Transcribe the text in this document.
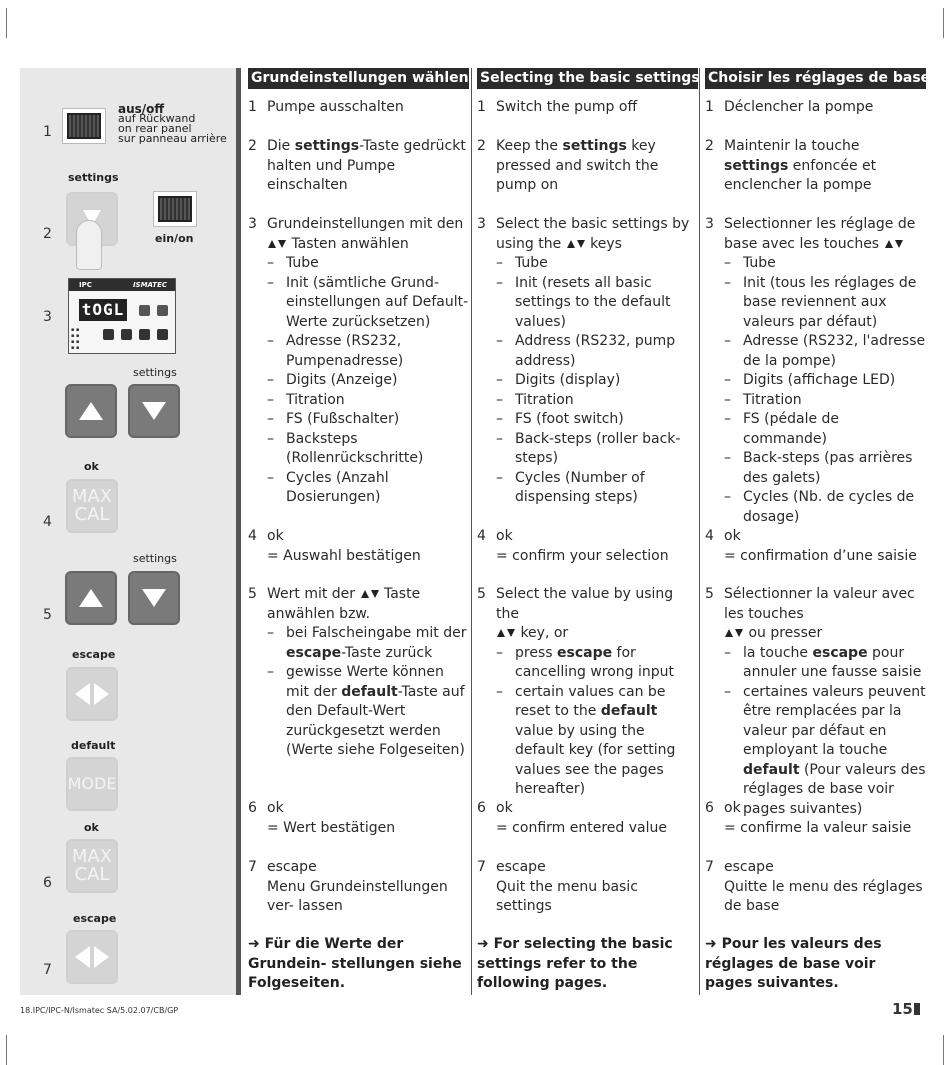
1
2
3
4
5
6
7
aus/off
auf Rückwand
on rear panel
sur panneau arrière
settings
ein/on
IPC	ISMATEC
tOGL
▪ ▪
▪ ▪
▪ ▪
▪ ▪
settings
ok
MAX
CAL
settings
escape
default
MODE
ok
MAX
CAL
escape
Grundeinstellungen wählen
1 Pumpe ausschalten
2 Die settings-Taste gedrückt halten und Pumpe einschalten
3 Grundeinstellungen mit den
Tasten anwählen
– Tube
– Init (sämtliche Grund- einstellungen auf Default- Werte zurücksetzen)
– Adresse (RS232, Pumpenadresse)
– Digits (Anzeige)
– Titration
– FS (Fußschalter)
– Backsteps (Rollenrückschritte)
– Cycles (Anzahl Dosierungen)
4 ok
= Auswahl bestätigen
5 Wert mit der  Taste anwählen bzw.
– bei Falscheingabe mit der escape-Taste zurück
– gewisse Werte können mit der default-Taste auf den Default-Wert zurückgesetzt werden (Werte siehe Folgeseiten)
6 ok
= Wert bestätigen
7 escape
Menu Grundeinstellungen ver- lassen
➜ Für die Werte der Grundein- stellungen siehe Folgeseiten.
Selecting the basic settings
1 Switch the pump off
2 Keep the settings key pressed and switch the pump on
3 Select the basic settings by using the  keys
– Tube
– Init (resets all basic settings to the default values)
– Address (RS232, pump address)
– Digits (display)
– Titration
– FS (foot switch)
– Back-steps (roller back-steps)
– Cycles (Number of dispensing steps)
4 ok
= confirm your selection
5 Select the value by using the
key, or
– press escape for cancelling wrong input
– certain values can be reset to the default value by using the default key (for setting values see the pages hereafter)
6 ok
= confirm entered value
7 escape
Quit the menu basic settings
➜ For selecting the basic settings refer to the following pages.
Choisir les réglages de base
1 Déclencher la pompe
2 Maintenir la touche settings enfoncée et enclencher la pompe
3 Selectionner les réglage de base avec les touches
– Tube
– Init (tous les réglages de base reviennent aux valeurs par défaut)
– Adresse (RS232, l'adresse de la pompe)
– Digits (affichage LED)
– Titration
– FS (pédale de commande)
– Back-steps (pas arrières des galets)
– Cycles (Nb. de cycles de dosage)
4 ok
= confirmation d’une saisie
5 Sélectionner la valeur avec les touches
ou presser
– la touche escape pour annuler une fausse saisie
– certaines valeurs peuvent être remplacées par la valeur par défaut en employant la touche default (Pour valeurs des réglages de base voir pages suivantes)
6 ok
= confirme la valeur saisie
7 escape
Quitte le menu des réglages de base
➜ Pour les valeurs des réglages de base voir pages suivantes.
18.IPC/IPC-N/Ismatec SA/5.02.07/CB/GP	15
